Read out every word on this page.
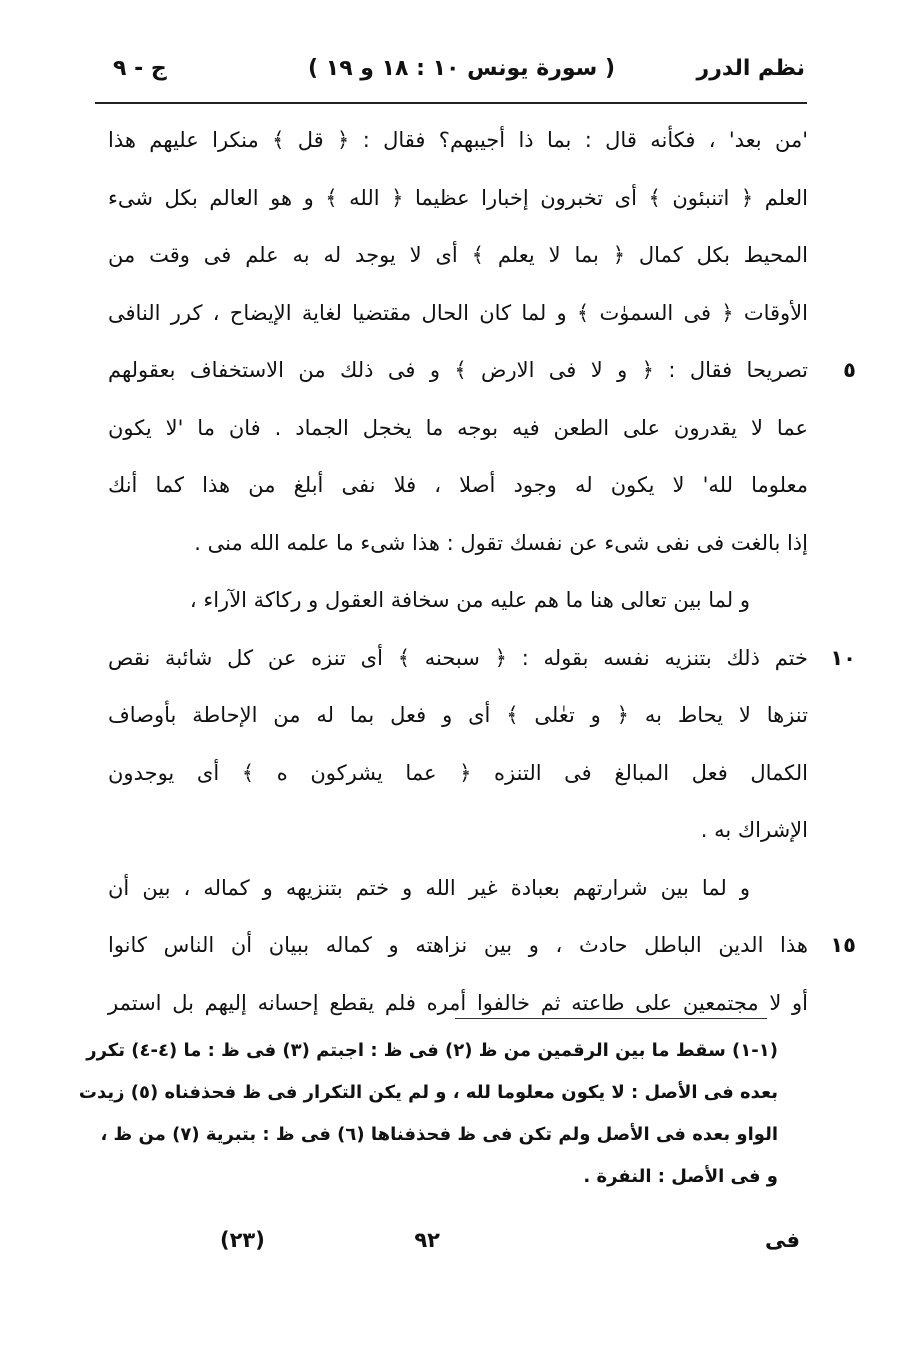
نظم الدرر
( سورة يونس ١٠ : ١٨ و ١٩ )
ج - ٩
'من بعد' ، فكأنه قال : بما ذا أجيبهم؟ فقال : ﴿ قل ﴾ منكرا عليهم هذا
العلم ﴿ اتنبئون ﴾ أى تخبرون إخبارا عظيما ﴿ الله ﴾ و هو العالم بكل شىء
المحيط بكل كمال ﴿ بما لا يعلم ﴾ أى لا يوجد له به علم فى وقت من
الأوقات ﴿ فى السموٰت ﴾ و لما كان الحال مقتضيا لغاية الإيضاح ، كرر النافى
٥
تصريحا فقال : ﴿ و لا فى الارض ﴾ و فى ذلك من الاستخفاف بعقولهم
عما لا يقدرون على الطعن فيه بوجه ما يخجل الجماد . فان ما 'لا يكون
معلوما لله' لا يكون له وجود أصلا ، فلا نفى أبلغ من هذا كما أنك
إذا بالغت فى نفى شىء عن نفسك تقول : هذا شىء ما علمه الله منى .
و لما بين تعالى هنا ما هم عليه من سخافة العقول و ركاكة الآراء ،
١٠
ختم ذلك بتنزيه نفسه بقوله : ﴿ سبحنه ﴾ أى تنزه عن كل شائبة نقص
تنزها لا يحاط به ﴿ و تعٰلى ﴾ أى و فعل بما له من الإحاطة بأوصاف
الكمال فعل المبالغ فى التنزه ﴿ عما يشركون ه ﴾ أى يوجدون
الإشراك به .
و لما بين شرارتهم بعبادة غير الله و ختم بتنزيهه و كماله ، بين أن
١٥
هذا الدين الباطل حادث ، و بين نزاهته و كماله ببيان أن الناس كانوا
أو لا مجتمعين على طاعته ثم خالفوا أمره فلم يقطع إحسانه إليهم بل استمر
(١-١) سقط ما بين الرقمين من ظ (٢) فى ظ : اجبتم (٣) فى ظ : ما (٤-٤) تكرر
بعده فى الأصل : لا يكون معلوما لله ، و لم يكن التكرار فى ظ فحذفناه (٥) زيدت
الواو بعده فى الأصل ولم تكن فى ظ فحذفناها (٦) فى ظ : بتبرية (٧) من ظ ،
و فى الأصل : النفرة .
فى
٩٢
(٢٣)
